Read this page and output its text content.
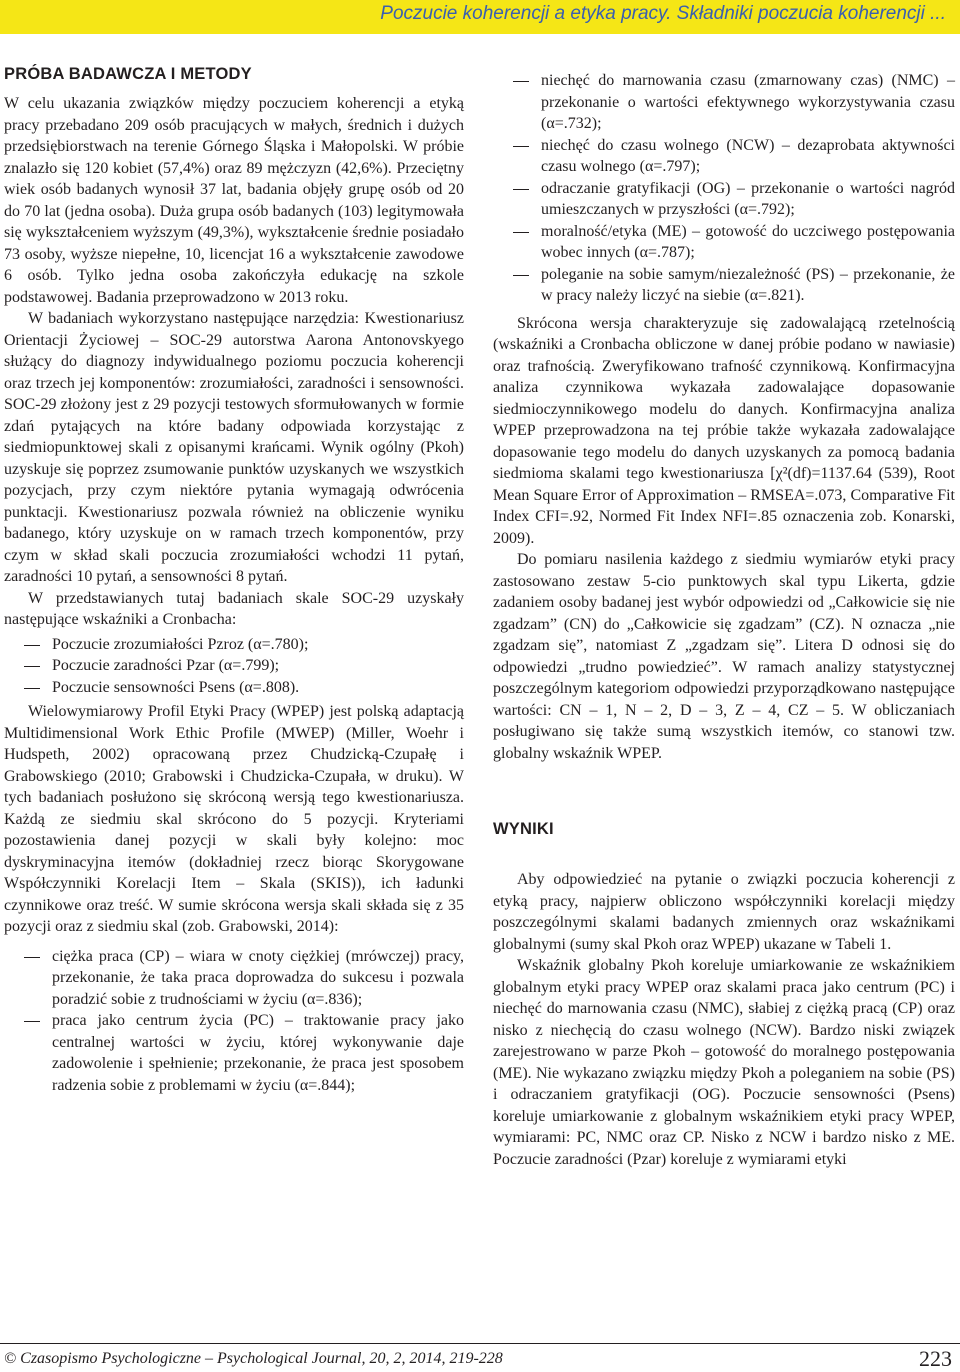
Poczucie koherencji a etyka pracy. Składniki poczucia koherencji ...
PRÓBA BADAWCZA I METODY

W celu ukazania związków między poczuciem koherencji a etyką pracy przebadano 209 osób pracujących w małych, średnich i dużych przedsiębiorstwach na terenie Górnego Śląska i Małopolski. W próbie znalazło się 120 kobiet (57,4%) oraz 89 mężczyzn (42,6%). Przeciętny wiek osób badanych wynosił 37 lat, badania objęły grupę osób od 20 do 70 lat (jedna osoba). Duża grupa osób badanych (103) legitymowała się wykształceniem wyższym (49,3%), wykształcenie średnie posiadało 73 osoby, wyższe niepełne, 10, licencjat 16 a wykształcenie zawodowe 6 osób. Tylko jedna osoba zakończyła edukację na szkole podstawowej. Badania przeprowadzono w 2013 roku.

W badaniach wykorzystano następujące narzędzia: Kwestionariusz Orientacji Życiowej – SOC-29 autorstwa Aarona Antonovskyego służący do diagnozy indywidualnego poziomu poczucia koherencji oraz trzech jej komponentów: zrozumiałości, zaradności i sensowności. SOC-29 złożony jest z 29 pozycji testowych sformułowanych w formie zdań pytających na które badany odpowiada korzystając z siedmiopunktowej skali z opisanymi krańcami. Wynik ogólny (Pkoh) uzyskuje się poprzez zsumowanie punktów uzyskanych we wszystkich pozycjach, przy czym niektóre pytania wymagają odwrócenia punktacji. Kwestionariusz pozwala również na obliczenie wyniku badanego, który uzyskuje on w ramach trzech komponentów, przy czym w skład skali poczucia zrozumiałości wchodzi 11 pytań, zaradności 10 pytań, a sensowności 8 pytań.

W przedstawianych tutaj badaniach skale SOC-29 uzyskały następujące wskaźniki a Cronbacha:

Poczucie zrozumiałości Pzroz (α=.780);
Poczucie zaradności Pzar (α=.799);
Poczucie sensowności Psens (α=.808).

Wielowymiarowy Profil Etyki Pracy (WPEP) jest polską adaptacją Multidimensional Work Ethic Profile (MWEP) (Miller, Woehr i Hudspeth, 2002) opracowaną przez Chudzicką-Czupałę i Grabowskiego (2010; Grabowski i Chudzicka-Czupała, w druku). W tych badaniach posłużono się skróconą wersją tego kwestionariusza. Każdą ze siedmiu skal skrócono do 5 pozycji. Kryteriami pozostawienia danej pozycji w skali były kolejno: moc dyskryminacyjna itemów (dokładniej rzecz biorąc Skorygowane Współczynniki Korelacji Item – Skala (SKIS)), ich ładunki czynnikowe oraz treść. W sumie skrócona wersja skali składa się z 35 pozycji oraz z siedmiu skal (zob. Grabowski, 2014):

ciężka praca (CP) – wiara w cnoty ciężkiej (mrówczej) pracy, przekonanie, że taka praca doprowadza do sukcesu i pozwala poradzić sobie z trudnościami w życiu (α=.836);
praca jako centrum życia (PC) – traktowanie pracy jako centralnej wartości w życiu, której wykonywanie daje zadowolenie i spełnienie; przekonanie, że praca jest sposobem radzenia sobie z problemami w życiu (α=.844);
niechęć do marnowania czasu (zmarnowany czas) (NMC) – przekonanie o wartości efektywnego wykorzystywania czasu (α=.732);
niechęć do czasu wolnego (NCW) – dezaprobata aktywności czasu wolnego (α=.797);
odraczanie gratyfikacji (OG) – przekonanie o wartości nagród umieszczanych w przyszłości (α=.792);
moralność/etyka (ME) – gotowość do uczciwego postępowania wobec innych (α=.787);
poleganie na sobie samym/niezależność (PS) – przekonanie, że w pracy należy liczyć na siebie (α=.821).

Skrócona wersja charakteryzuje się zadowalającą rzetelnością (wskaźniki a Cronbacha obliczone w danej próbie podano w nawiasie) oraz trafnością. Zweryfikowano trafność czynnikową. Konfirmacyjna analiza czynnikowa wykazała zadowalające dopasowanie siedmioczynnikowego modelu do danych. Konfirmacyjna analiza WPEP przeprowadzona na tej próbie także wykazała zadowalające dopasowanie tego modelu do danych uzyskanych za pomocą badania siedmioma skalami tego kwestionariusza [χ²(df)=1137.64 (539), Root Mean Square Error of Approximation – RMSEA=.073, Comparative Fit Index CFI=.92, Normed Fit Index NFI=.85 oznaczenia zob. Konarski, 2009).

Do pomiaru nasilenia każdego z siedmiu wymiarów etyki pracy zastosowano zestaw 5-cio punktowych skal typu Likerta, gdzie zadaniem osoby badanej jest wybór odpowiedzi od „Całkowicie się nie zgadzam” (CN) do „Całkowicie się zgadzam” (CZ). N oznacza „nie zgadzam się”, natomiast Z „zgadzam się”. Litera D odnosi się do odpowiedzi „trudno powiedzieć”. W ramach analizy statystycznej poszczególnym kategoriom odpowiedzi przyporządkowano następujące wartości: CN – 1, N – 2, D – 3, Z – 4, CZ – 5. W obliczaniach posługiwano się także sumą wszystkich itemów, co stanowi tzw. globalny wskaźnik WPEP.

WYNIKI

Aby odpowiedzieć na pytanie o związki poczucia koherencji z etyką pracy, najpierw obliczono współczynniki korelacji między poszczególnymi skalami badanych zmiennych oraz wskaźnikami globalnymi (sumy skal Pkoh oraz WPEP) ukazane w Tabeli 1.

Wskaźnik globalny Pkoh koreluje umiarkowanie ze wskaźnikiem globalnym etyki pracy WPEP oraz skalami praca jako centrum (PC) i niechęć do marnowania czasu (NMC), słabiej z ciężką pracą (CP) oraz nisko z niechęcią do czasu wolnego (NCW). Bardzo niski związek zarejestrowano w parze Pkoh – gotowość do moralnego postępowania (ME). Nie wykazano związku między Pkoh a poleganiem na sobie (PS) i odraczaniem gratyfikacji (OG). Poczucie sensowności (Psens) koreluje umiarkowanie z globalnym wskaźnikiem etyki pracy WPEP, wymiarami: PC, NMC oraz CP. Nisko z NCW i bardzo nisko z ME. Poczucie zaradności (Pzar) koreluje z wymiarami etyki

© Czasopismo Psychologiczne – Psychological Journal, 20, 2, 2014, 219-228	223
